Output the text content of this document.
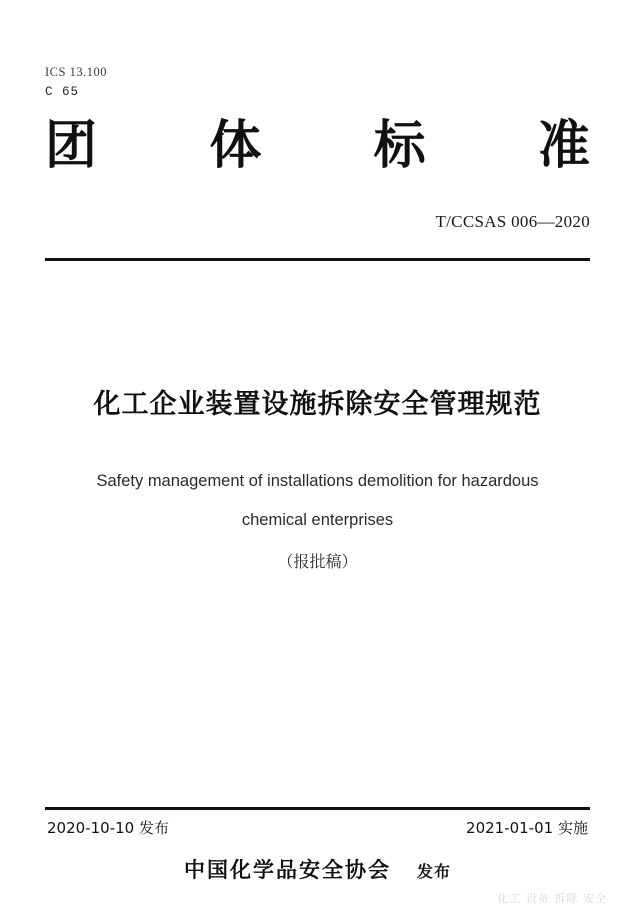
ICS 13.100
C 65
团 体 标 准
T/CCSAS 006—2020
化工企业装置设施拆除安全管理规范
Safety management of installations demolition for hazardous
chemical enterprises
（报批稿）
2020-10-10 发布	2021-01-01 实施
中国化学品安全协会 发布
化工 设备 拆除 安全
